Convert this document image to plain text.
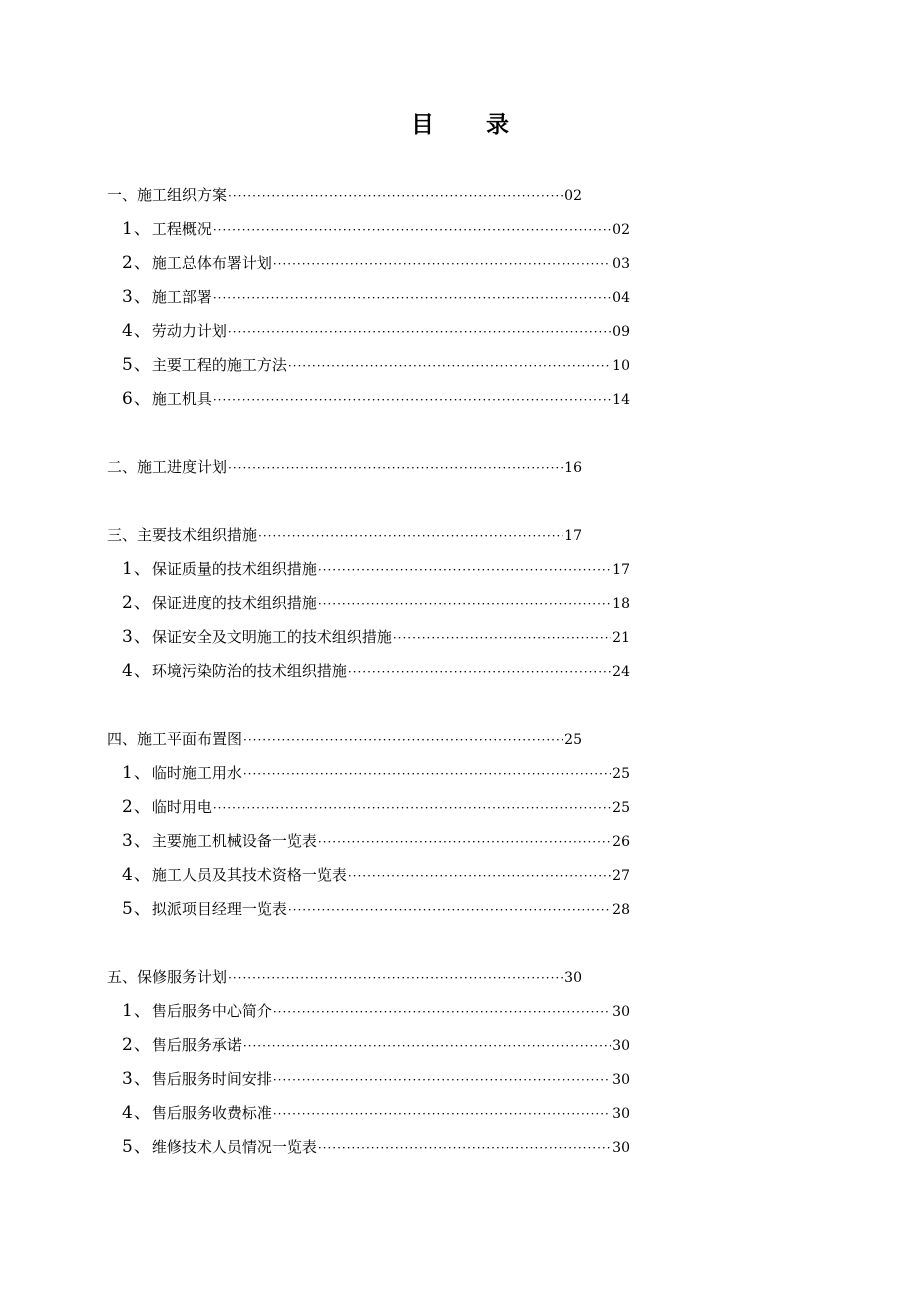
目 录
一、施工组织方案 ·····	02
1、 工程概况 ·····	02
2、 施工总体布署计划 ·····	03
3、 施工部署 ·····	04
4、 劳动力计划 ·····	09
5、 主要工程的施工方法 ·····	10
6、 施工机具 ·····	14
二、施工进度计划 ·····	16
三、主要技术组织措施 ·····	17
1、 保证质量的技术组织措施 ·····	17
2、 保证进度的技术组织措施 ·····	18
3、 保证安全及文明施工的技术组织措施 ·····	21
4、 环境污染防治的技术组织措施 ·····	24
四、施工平面布置图 ·····	25
1、 临时施工用水 ·····	25
2、 临时用电 ·····	25
3、 主要施工机械设备一览表 ·····	26
4、 施工人员及其技术资格一览表 ·····	27
5、 拟派项目经理一览表 ·····	28
五、保修服务计划 ·····	30
1、 售后服务中心简介 ·····	30
2、 售后服务承诺 ·····	30
3、 售后服务时间安排 ·····	30
4、 售后服务收费标准 ·····	30
5、 维修技术人员情况一览表 ·····	30
